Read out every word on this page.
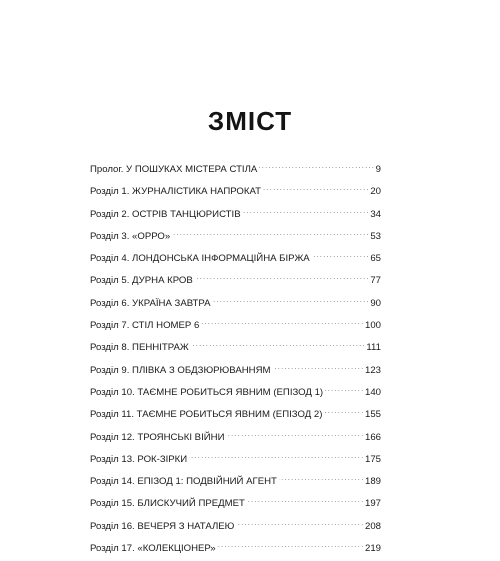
ЗМІСТ
Пролог. У ПОШУКАХ МІСТЕРА СТІЛА . . .	9
Розділ 1. ЖУРНАЛІСТИКА НАПРОКАТ . . .	20
Розділ 2. ОСТРІВ ТАНЦЮРИСТІВ . . .	34
Розділ 3. «ОРРО» . . .	53
Розділ 4. ЛОНДОНСЬКА ІНФОРМАЦІЙНА БІРЖА . . .	65
Розділ 5. ДУРНА КРОВ . . .	77
Розділ 6. УКРАЇНА ЗАВТРА . . .	90
Розділ 7. СТІЛ НОМЕР 6 . . .	100
Розділ 8. ПЕННІТРАЖ . . .	111
Розділ 9. ПЛІВКА З ОБДЗЮРЮВАННЯМ . . .	123
Розділ 10. ТАЄМНЕ РОБИТЬСЯ ЯВНИМ (ЕПІЗОД 1) . . .	140
Розділ 11. ТАЄМНЕ РОБИТЬСЯ ЯВНИМ (ЕПІЗОД 2) . . .	155
Розділ 12. ТРОЯНСЬКІ ВІЙНИ . . .	166
Розділ 13. РОК-ЗІРКИ . . .	175
Розділ 14. ЕПІЗОД 1: ПОДВІЙНИЙ АГЕНТ . . .	189
Розділ 15. БЛИСКУЧИЙ ПРЕДМЕТ . . .	197
Розділ 16. ВЕЧЕРЯ З НАТАЛЕЮ . . .	208
Розділ 17. «КОЛЕКЦІОНЕР» . . .	219
